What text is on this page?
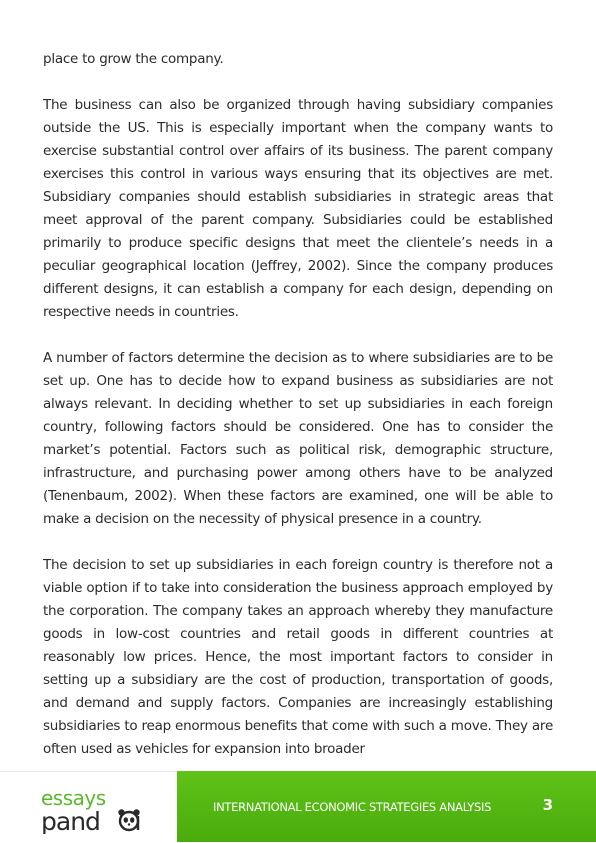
place to grow the company.

The business can also be organized through having subsidiary companies outside the US. This is especially important when the company wants to exercise substantial control over affairs of its business. The parent company exercises this control in various ways ensuring that its objectives are met. Subsidiary companies should establish subsidiaries in strategic areas that meet approval of the parent company. Subsidiaries could be established primarily to produce specific designs that meet the clientele’s needs in a peculiar geographical location (Jeffrey, 2002). Since the company produces different designs, it can establish a company for each design, depending on respective needs in countries.

A number of factors determine the decision as to where subsidiaries are to be set up. One has to decide how to expand business as subsidiaries are not always relevant. In deciding whether to set up subsidiaries in each foreign country, following factors should be considered. One has to consider the market’s potential. Factors such as political risk, demographic structure, infrastructure, and purchasing power among others have to be analyzed (Tenenbaum, 2002). When these factors are examined, one will be able to make a decision on the necessity of physical presence in a country.

The decision to set up subsidiaries in each foreign country is therefore not a viable option if to take into consideration the business approach employed by the corporation. The company takes an approach whereby they manufacture goods in low-cost countries and retail goods in different countries at reasonably low prices. Hence, the most important factors to consider in setting up a subsidiary are the cost of production, transportation of goods, and demand and supply factors. Companies are increasingly establishing subsidiaries to reap enormous benefits that come with such a move. They are often used as vehicles for expansion into broader

essays
pand	INTERNATIONAL ECONOMIC STRATEGIES ANALYSIS	3
